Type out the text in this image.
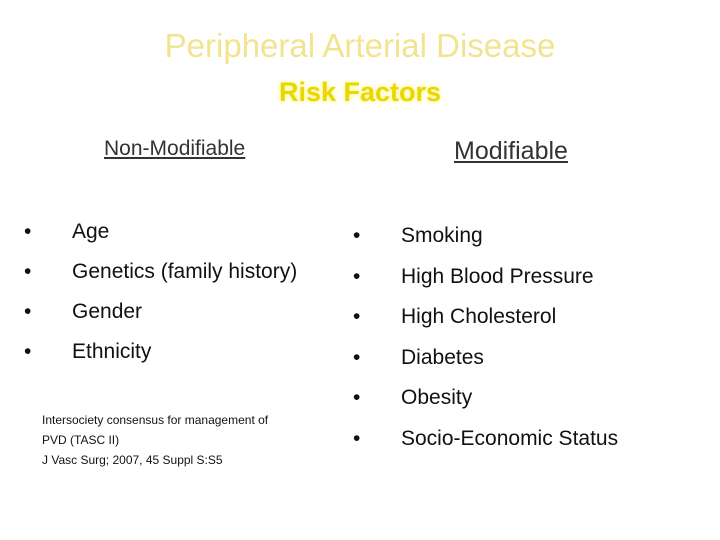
Peripheral Arterial Disease
Risk Factors
Non-Modifiable	Modifiable
• Age
• Genetics (family history)
• Gender
• Ethnicity
• Smoking
• High Blood Pressure
• High Cholesterol
• Diabetes
• Obesity
• Socio-Economic Status
Intersociety consensus for management of
PVD (TASC II)
J Vasc Surg; 2007, 45 Suppl S:S5
